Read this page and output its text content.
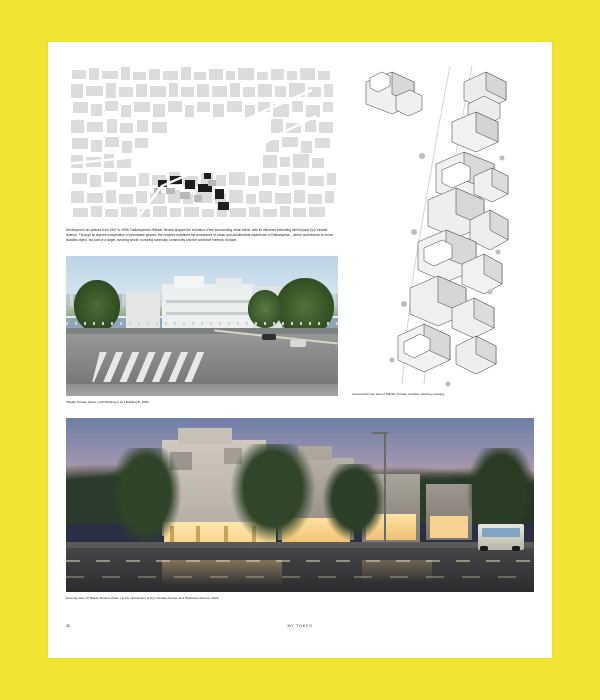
Developed in six phases from 1967 to 1998, Daikanyama's Hillside Terrace shaped the evolution of the surrounding urban fabric, with its influence extending well beyond Kyū Yamate Avenue. Through its layered composition of permeable spaces, the complex redefined the boundaries of urban and architectural experience in Daikanyama – where architecture is not an isolated object, but part of a larger, evolving whole, nurturing continuity, community and the collective memory of place.
Hillside Terrace phase I with Building A and Building B, 1969.
Axonometric site plan of Hillside Terrace complex showing massing.
Evening view of Hillside Terrace phase I at the intersection of Kyū Yamate Avenue and Hachiman Avenue, 2024.
30	MY TOKYO
